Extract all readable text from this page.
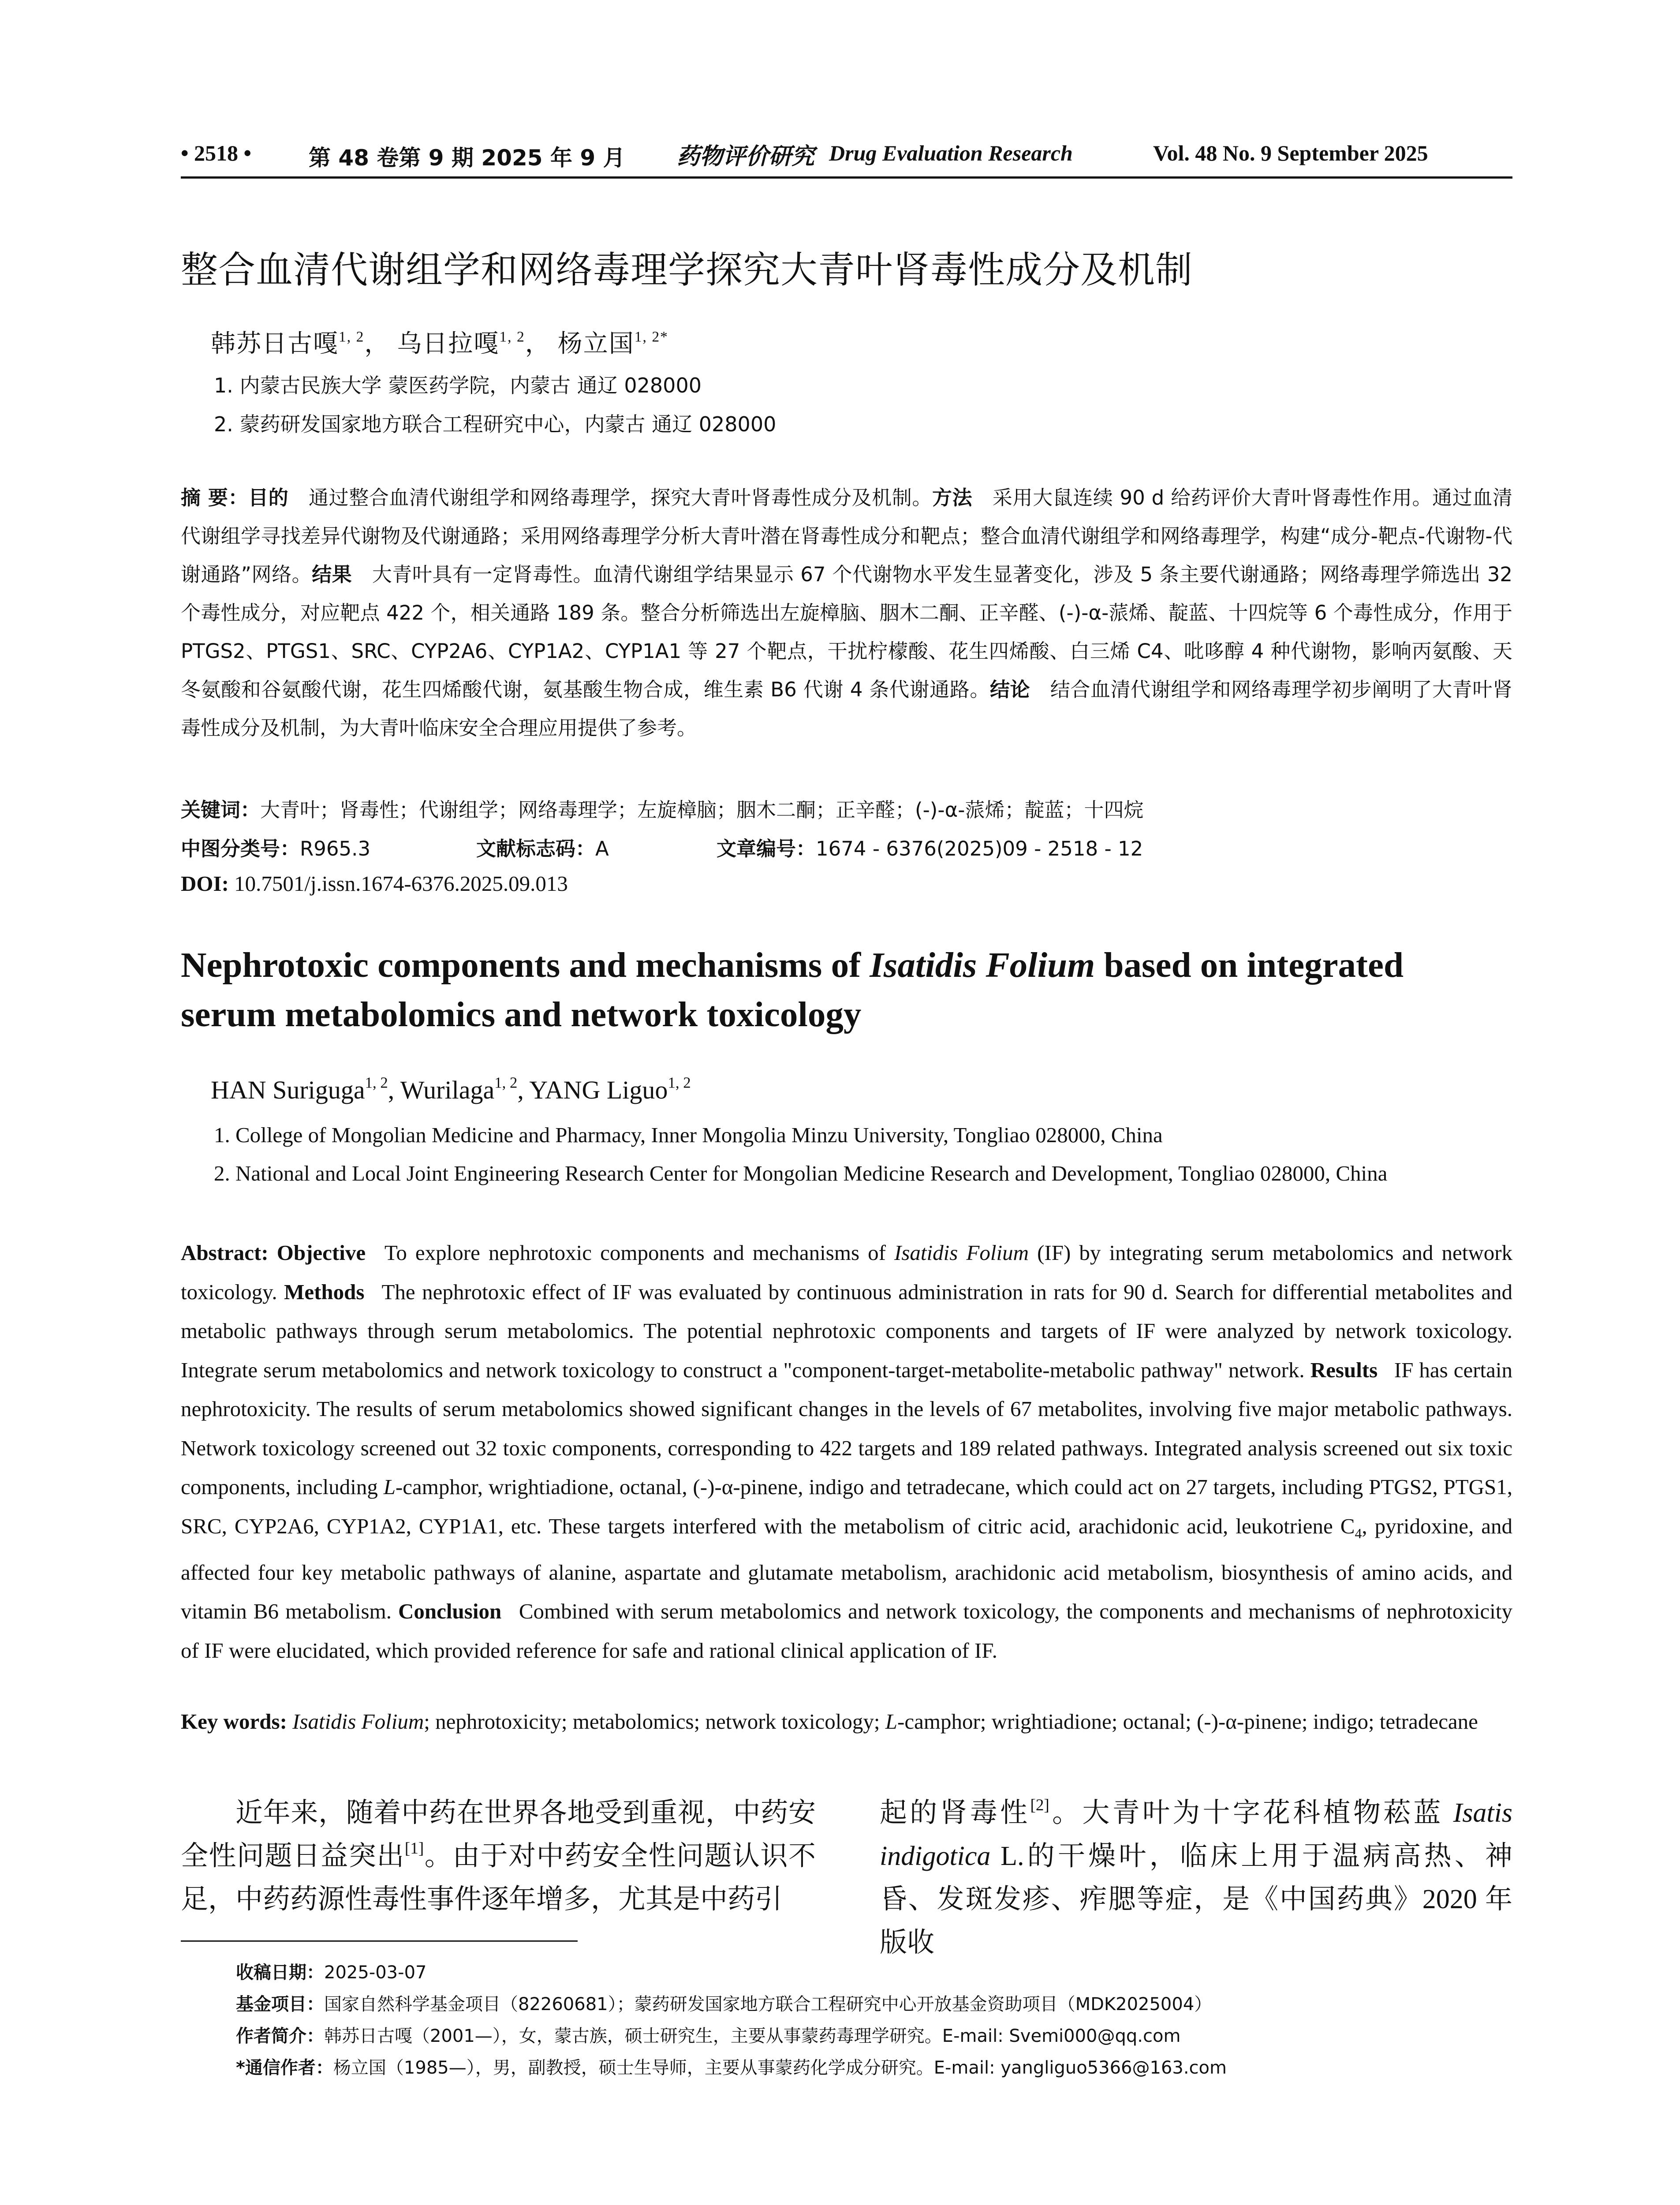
• 2518 •	第 48 卷第 9 期 2025 年 9 月 药物评价研究 Drug Evaluation Research	Vol. 48 No. 9 September 2025
整合血清代谢组学和网络毒理学探究大青叶肾毒性成分及机制
韩苏日古嘎$^{1, 2}$， 乌日拉嘎$^{1, 2}$， 杨立国$^{1, 2*}$
1. 内蒙古民族大学 蒙医药学院，内蒙古 通辽 028000
2. 蒙药研发国家地方联合工程研究中心，内蒙古 通辽 028000
摘 要：目的  通过整合血清代谢组学和网络毒理学，探究大青叶肾毒性成分及机制。方法  采用大鼠连续 90 d 给药评价大青叶肾毒性作用。通过血清代谢组学寻找差异代谢物及代谢通路；采用网络毒理学分析大青叶潜在肾毒性成分和靶点；整合血清代谢组学和网络毒理学，构建“成分-靶点-代谢物-代谢通路”网络。结果  大青叶具有一定肾毒性。血清代谢组学结果显示 67 个代谢物水平发生显著变化，涉及 5 条主要代谢通路；网络毒理学筛选出 32 个毒性成分，对应靶点 422 个，相关通路 189 条。整合分析筛选出左旋樟脑、胭木二酮、正辛醛、(-)-α-蒎烯、靛蓝、十四烷等 6 个毒性成分，作用于 PTGS2、PTGS1、SRC、CYP2A6、CYP1A2、CYP1A1 等 27 个靶点，干扰柠檬酸、花生四烯酸、白三烯 C4、吡哆醇 4 种代谢物，影响丙氨酸、天冬氨酸和谷氨酸代谢，花生四烯酸代谢，氨基酸生物合成，维生素 B6 代谢 4 条代谢通路。结论  结合血清代谢组学和网络毒理学初步阐明了大青叶肾毒性成分及机制，为大青叶临床安全合理应用提供了参考。
关键词：大青叶；肾毒性；代谢组学；网络毒理学；左旋樟脑；胭木二酮；正辛醛；(-)-α-蒎烯；靛蓝；十四烷
中图分类号：R965.3	文献标志码：A	文章编号：1674 - 6376(2025)09 - 2518 - 12
DOI: 10.7501/j.issn.1674-6376.2025.09.013
Nephrotoxic components and mechanisms of Isatidis Folium based on integrated
serum metabolomics and network toxicology
HAN Suriguga$^{1, 2}$, Wurilaga$^{1, 2}$, YANG Liguo$^{1, 2}$
1. College of Mongolian Medicine and Pharmacy, Inner Mongolia Minzu University, Tongliao 028000, China
2. National and Local Joint Engineering Research Center for Mongolian Medicine Research and Development, Tongliao 028000, China
Abstract: Objective  To explore nephrotoxic components and mechanisms of Isatidis Folium (IF) by integrating serum metabolomics and network toxicology. Methods  The nephrotoxic effect of IF was evaluated by continuous administration in rats for 90 d. Search for differential metabolites and metabolic pathways through serum metabolomics. The potential nephrotoxic components and targets of IF were analyzed by network toxicology. Integrate serum metabolomics and network toxicology to construct a "component-target-metabolite-metabolic pathway" network. Results  IF has certain nephrotoxicity. The results of serum metabolomics showed significant changes in the levels of 67 metabolites, involving five major metabolic pathways. Network toxicology screened out 32 toxic components, corresponding to 422 targets and 189 related pathways. Integrated analysis screened out six toxic components, including L-camphor, wrightiadione, octanal, (-)-α-pinene, indigo and tetradecane, which could act on 27 targets, including PTGS2, PTGS1, SRC, CYP2A6, CYP1A2, CYP1A1, etc. These targets interfered with the metabolism of citric acid, arachidonic acid, leukotriene $C_4$, pyridoxine, and affected four key metabolic pathways of alanine, aspartate and glutamate metabolism, arachidonic acid metabolism, biosynthesis of amino acids, and vitamin B6 metabolism. Conclusion  Combined with serum metabolomics and network toxicology, the components and mechanisms of nephrotoxicity of IF were elucidated, which provided reference for safe and rational clinical application of IF.
Key words: Isatidis Folium; nephrotoxicity; metabolomics; network toxicology; L-camphor; wrightiadione; octanal; (-)-α-pinene; indigo; tetradecane
近年来，随着中药在世界各地受到重视，中药安全性问题日益突出[1]。由于对中药安全性问题认识不足，中药药源性毒性事件逐年增多，尤其是中药引
起的肾毒性[2]。大青叶为十字花科植物菘蓝 Isatis indigotica L.的干燥叶，临床上用于温病高热、神昏、发斑发疹、痄腮等症，是《中国药典》2020 年版收
收稿日期：2025-03-07
基金项目：国家自然科学基金项目（82260681）；蒙药研发国家地方联合工程研究中心开放基金资助项目（MDK2025004）
作者简介：韩苏日古嘎（2001—），女，蒙古族，硕士研究生，主要从事蒙药毒理学研究。E-mail: Svemi000@qq.com
*通信作者：杨立国（1985—），男，副教授，硕士生导师，主要从事蒙药化学成分研究。E-mail: yangliguo5366@163.com
